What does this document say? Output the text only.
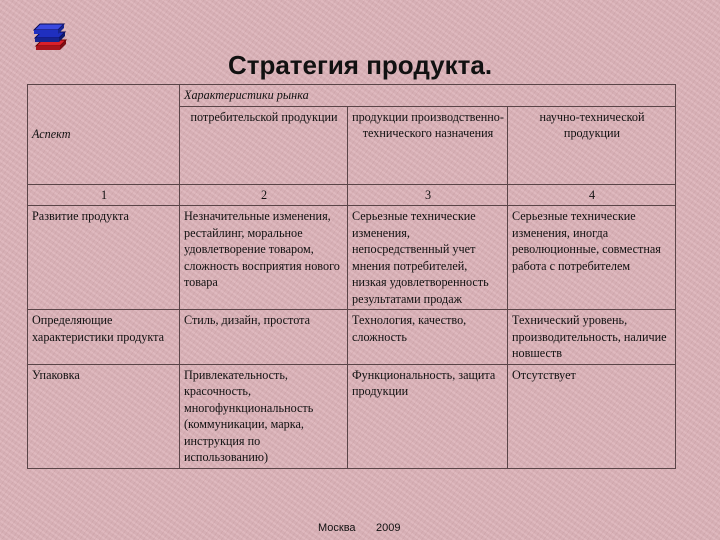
Стратегия продукта.
Аспект	Характеристики рынка		
	потребительской продукции	продукции производственно-технического назначения	научно-технической продукции
1	2	3	4
Развитие продукта	Незначительные изменения, рестайлинг, моральное удовлетворение товаром, сложность восприятия нового товара	Серьезные технические изменения, непосредственный учет мнения потребителей, низкая удовлетворенность результатами продаж	Серьезные технические изменения, иногда революционные, совместная работа с потребителем
Определяющие характеристики продукта	Стиль, дизайн, простота	Технология, качество, сложность	Технический уровень, производительность, наличие новшеств
Упаковка	Привлекательность, красочность, многофункциональность (коммуникации, марка, инструкция по использованию)	Функциональность, защита продукции	Отсутствует
Москва 2009
